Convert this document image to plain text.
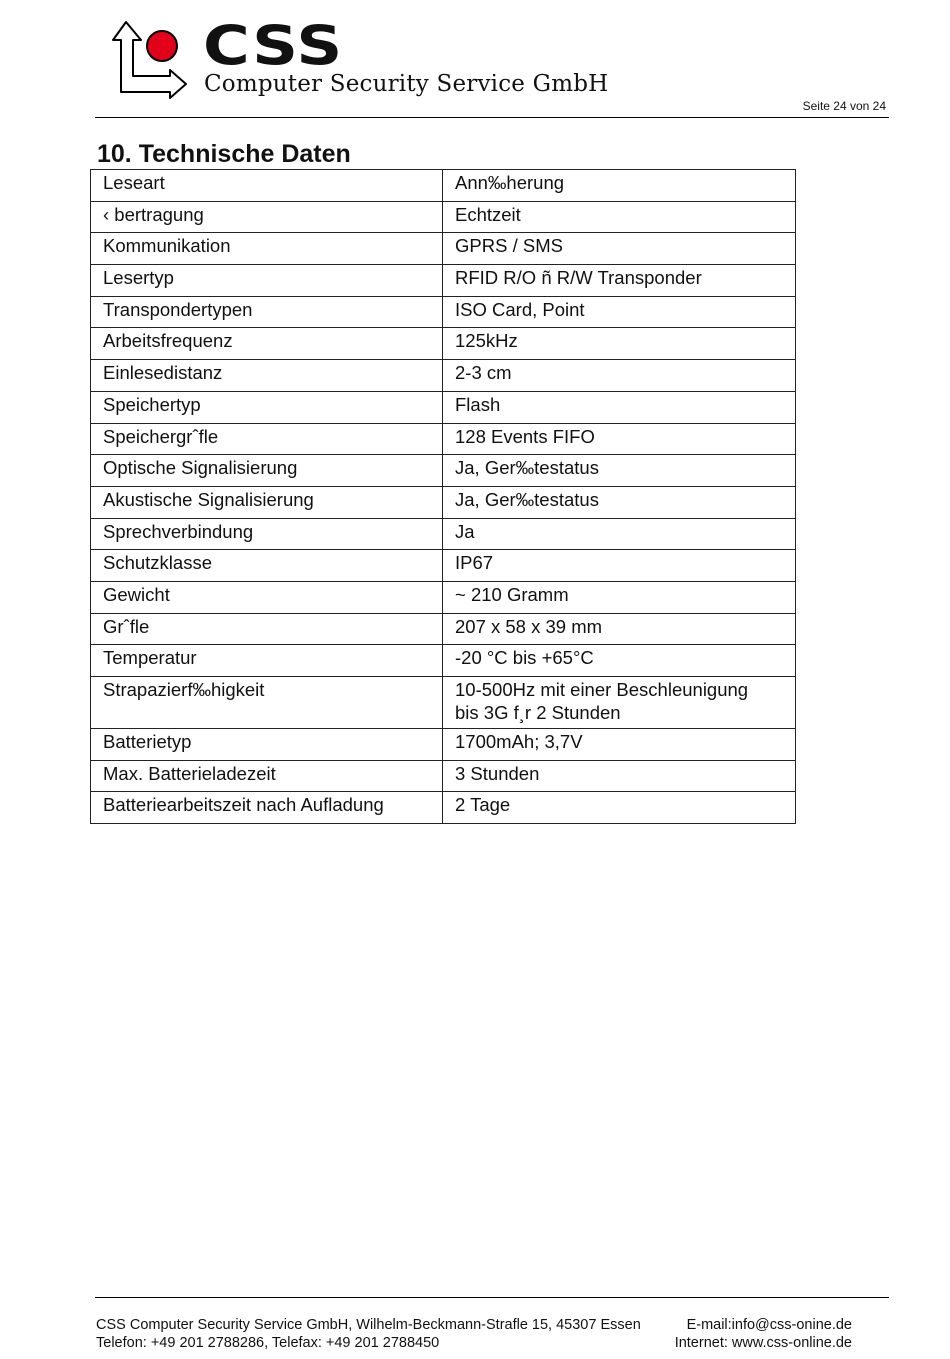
CSS
Computer Security Service GmbH
Seite 24 von 24
10. Technische Daten
Leseart	Ann‰herung
‹ bertragung	Echtzeit
Kommunikation	GPRS / SMS
Lesertyp	RFID R/O ñ R/W Transponder
Transpondertypen	ISO Card, Point
Arbeitsfrequenz	125kHz
Einlesedistanz	2-3 cm
Speichertyp	Flash
Speichergrˆfle	128 Events FIFO
Optische Signalisierung	Ja, Ger‰testatus
Akustische Signalisierung	Ja, Ger‰testatus
Sprechverbindung	Ja
Schutzklasse	IP67
Gewicht	~ 210 Gramm
Grˆfle	207 x 58 x 39 mm
Temperatur	-20 °C bis +65°C
Strapazierf‰higkeit	10-500Hz mit einer Beschleunigung
bis 3G f¸r 2 Stunden
Batterietyp	1700mAh; 3,7V
Max. Batterieladezeit	3 Stunden
Batteriearbeitszeit nach Aufladung	2 Tage
CSS Computer Security Service GmbH, Wilhelm-Beckmann-Strafle 15, 45307 Essen
Telefon: +49 201 2788286, Telefax: +49 201 2788450
E-mail:info@css-onine.de
Internet: www.css-online.de
